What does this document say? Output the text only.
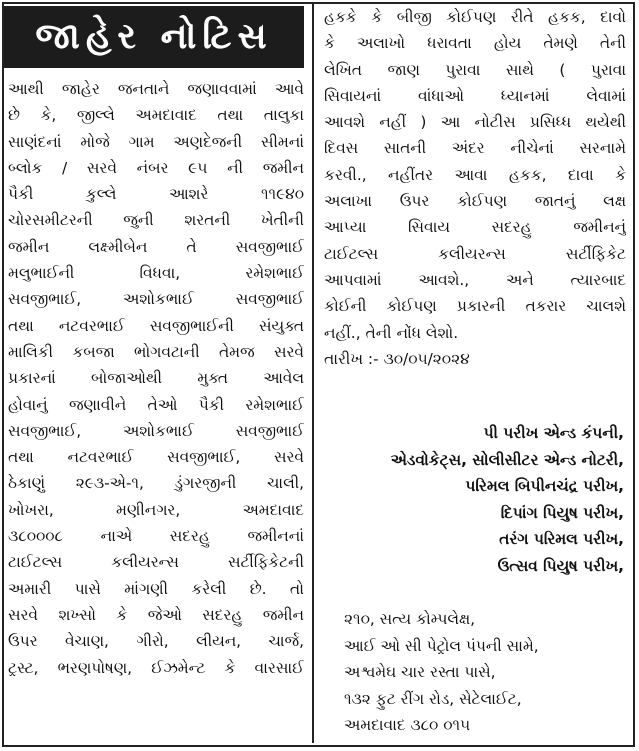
જાહેર નોટિસ
આથી જાહેર જનતાને જણાવવામાં આવે
છે કે, જીલ્લે અમદાવાદ તથા તાલુકા
સાણંદનાં મોજે ગામ અણદેજની સીમનાં
બ્લોક / સરવે નંબર ૯૫ ની જમીન
પૈકી કુલ્લે આશરે ૧૧૯૪૦
ચોરસમીટરની જુની શરતની ખેતીની
જમીન લક્ષ્મીબેન તે સવજીભાઈ
મલુભાઈની વિધવા, રમેશભાઈ
સવજીભાઈ, અશોકભાઈ સવજીભાઈ
તથા નટવરભાઈ સવજીભાઈની સંયુક્ત
માલિકી કબજા ભોગવટાની તેમજ સરવે
પ્રકારનાં બોજાઓથી મુક્ત આવેલ
હોવાનું જણાવીને તેઓ પૈકી રમેશભાઈ
સવજીભાઈ, અશોકભાઈ સવજીભાઈ
તથા નટવરભાઈ સવજીભાઈ, સરવે
ઠેકાણું ૨૯૩-એ-૧, ડુંગરજીની ચાલી,
ખોખરા, મણીનગર, અમદાવાદ
૩૮૦૦૦૮ નાએ સદરહુ જમીનનાં
ટાઈટલ્સ કલીયરન્સ સર્ટીફિકેટની
અમારી પાસે માંગણી કરેલી છે. તો
સરવે શખ્સો કે જેઓ સદરહુ જમીન
ઉપર વેચાણ, ગીરો, લીયન, ચાર્જ,
ટ્રસ્ટ, ભરણપોષણ, ઈઝમેન્ટ કે વારસાઈ
હકકે કે બીજી કોઈપણ રીતે હકક, દાવો
કે અલાખો ધરાવતા હોય તેમણે તેની
લેખિત જાણ પુરાવા સાથે ( પુરાવા
સિવાયનાં વાંધાઓ ધ્યાનમાં લેવામાં
આવશે નહીં ) આ નોટીસ પ્રસિધ્ધ થયેથી
દિવસ સાતની અંદર નીચેનાં સરનામે
કરવી., નહીંતર આવા હકક, દાવા કે
અલાખા ઉપર કોઈપણ જાતનું લક્ષ
આપ્યા સિવાય સદરહુ જમીનનું
ટાઈટલ્સ કલીયરન્સ સર્ટીફિકેટ
આપવામાં આવશે., અને ત્યારબાદ
કોઈની કોઈપણ પ્રકારની તકરાર ચાલશે
નહીં., તેની નોંધ લેશો.
તારીખ :- ૩૦/૦૫/૨૦૨૪
પી પરીખ એન્ડ કંપની,
એડવોકેટ્સ, સોલીસીટર એન્ડ નોટરી,
પરિમલ બિપીનચંદ્ર પરીખ,
દિપાંગ પિયુષ પરીખ,
તરંગ પરિમલ પરીખ,
ઉત્સવ પિયુષ પરીખ,
૨૧૦, સત્ય કોમ્પલેક્ષ,
આઈ ઓ સી પેટ્રોલ પંપની સામે,
અશ્વમેઘ ચાર રસ્તા પાસે,
૧૩૨ ફુટ રીંગ રોડ, સેટેલાઈટ,
અમદાવાદ ૩૮૦ ૦૧૫
